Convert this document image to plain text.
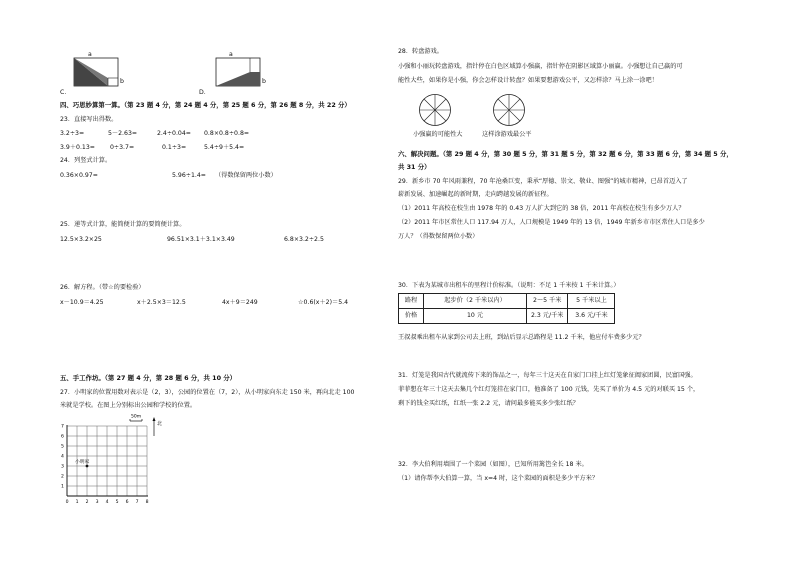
a
b
C．
a
b
D．
四、巧思妙算第一算。（第 23 题 4 分，第 24 题 4 分，第 25 题 6 分，第 26 题 8 分，共 22 分）
23．直接写出得数。
3.2÷3=	5－2.63=	2.4÷0.04= 0.8×0.8÷0.8=
3.9＋0.13= 0÷3.7=	0.1÷3=	5.4÷9＋5.4=
24．列竖式计算。
0.36×0.97=	5.96÷1.4= （得数保留两位小数）
25．递等式计算，能简便计算的要简便计算。
12.5×3.2×25	96.51×3.1＋3.1×3.49	6.8×3.2÷2.5
26．解方程。（带☆的要检验）
x－10.9＝4.25	x＋2.5×3＝12.5	4x＋9＝249	☆0.6(x＋2)＝5.4
五、手工作坊。（第 27 题 4 分，第 28 题 6 分，共 10 分）
27．小明家的位置用数对表示是（2，3），公园的位置在（7，2），从小明家向东走 150 米，再向北走 100
米就是学校。在图上分别标出公园和学校的位置。
小明家
0 1 2 3 4 5 6 7 8
1
2
3
4
5
6
7
50m
北
28．转盘游戏。
小强和小丽玩转盘游戏，指针停在白色区域算小强赢，指针停在阴影区域算小丽赢。小强想让自己赢的可
能性大些，如果你是小强，你会怎样设计转盘？如果要想游戏公平，又怎样涂？马上涂一涂吧！
小强赢的可能性大	这样涂游戏最公平
六、解决问题。（第 29 题 4 分，第 30 题 5 分，第 31 题 5 分，第 32 题 6 分，第 33 题 6 分，第 34 题 5 分，
共 31 分）
29．新乡市 70 年风雨兼程，70 年沧桑巨变，秉承“厚德、崇文、敬业、图强”的城市精神，已昂首迈入了
崭新发展、加速崛起的新时期，走向跨越发展的新征程。
（1）2011 年高校在校生由 1978 年的 0.43 万人扩大到它的 38 倍，2011 年高校在校生有多少万人？
（2）2011 年市区常住人口 117.94 万人，人口规模是 1949 年的 13 倍，1949 年新乡市市区常住人口是多少
万人？（得数保留两位小数）
30．下表为某城市出租车的里程计价标准。（说明：不足 1 千米按 1 千米计算。）
路程	起步价（2 千米以内）	2～5 千米	5 千米以上
价格	10 元	2.3 元/千米	3.6 元/千米
王叔叔乘出租车从家到公司去上班，到站后显示总路程是 11.2 千米，他应付车费多少元？
31．灯笼是我国古代就流传下来的饰品之一，每年三十这天在自家门口挂上红灯笼象征阖家团圆，民富国强。
菲菲想在年三十这天去集几个红灯笼挂在家门口，他准备了 100 元钱，先买了单价为 4.5 元的对联买 15 个，
剩下的钱全买红纸，红纸一张 2.2 元，请问最多能买多少张红纸？
32．李大伯利用墙围了一个菜园（如图），已知所用篱笆全长 18 米。
（1）请你帮李大伯算一算，当 x=4 时，这个菜园的面积是多少平方米？
